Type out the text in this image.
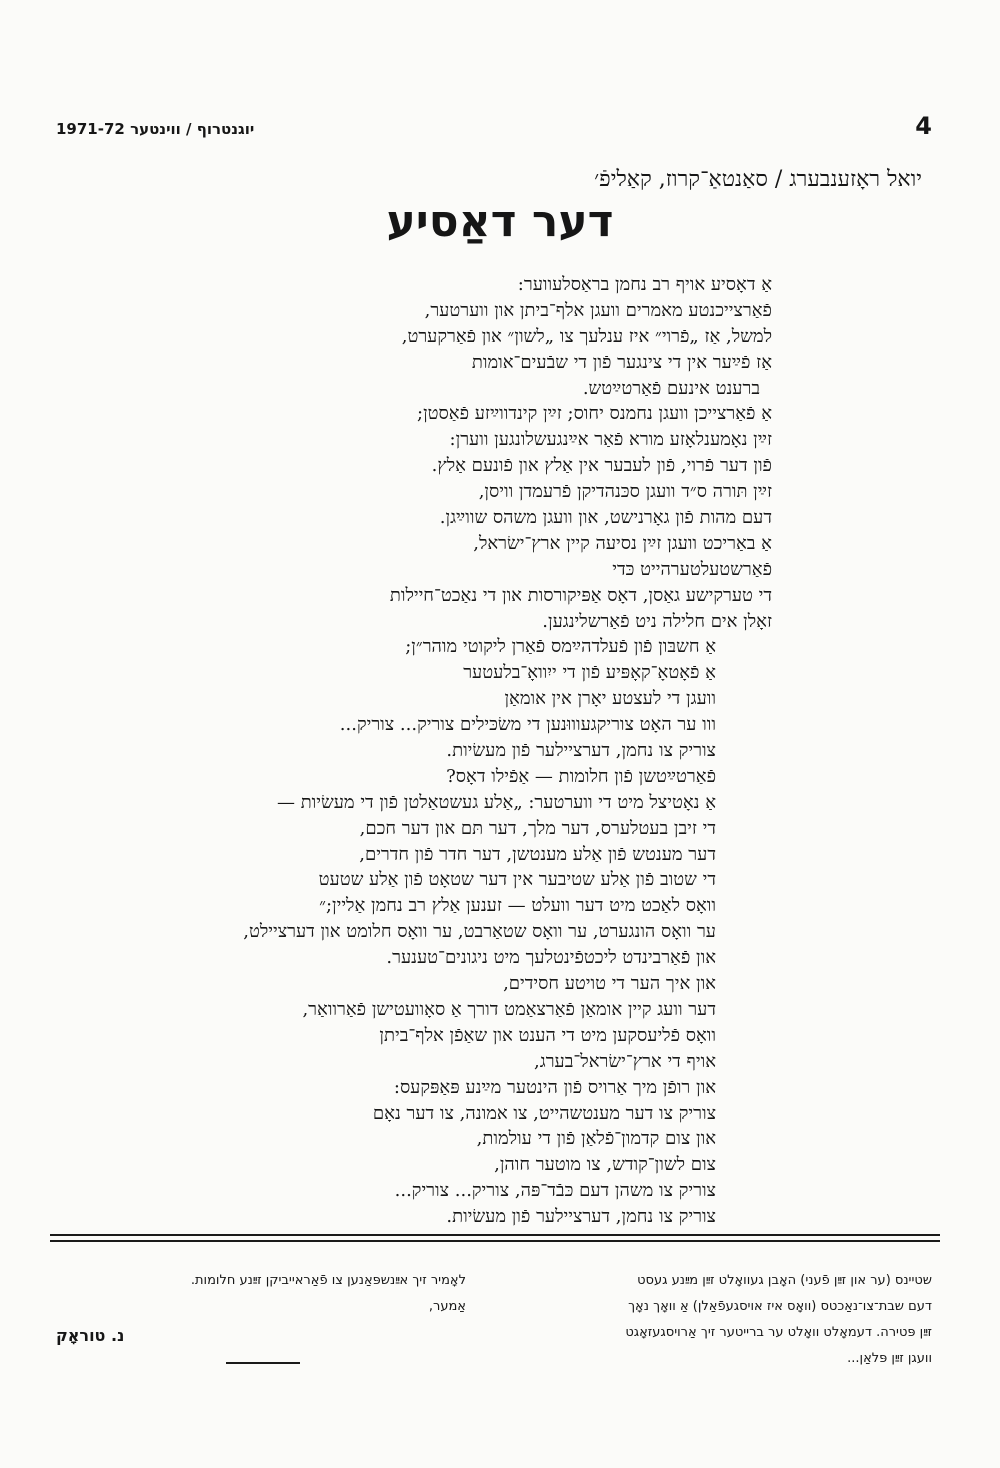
4
יוגנטרוף / ווינטער 1971-72
יואל ראָזענבערג / סאַנטאַ־קרוז, קאַליפֿ׳
דער דאַסיע
אַ דאָסיע אויף רב נחמן בראַסלעווער:
פֿאַרצייכנטע מאמרים וועגן אלף־ביתן און ווערטער,
למשל, אַז „פֿרוי״ איז ענלעך צו „לשון״ און פֿאַרקערט,
אַז פֿײַער אין די צינגער פֿון די שבֿעים־אומות
ברענט אינעם פֿאַרטײַטש.
אַ פֿאַרצייכן וועגן נחמנס יחוס; זײַן קינדווײַזע פֿאַסטן;
זײַן נאָמענלאָזע מורא פֿאַר אײַנגעשלונגען ווערן:
פֿון דער פֿרוי, פֿון לעבער אין אַלץ און פֿונעם אַלץ.
זײַן תּורה ס״ד וועגן סכּנהדיקן פֿרעמדן וויסן,
דעם מהות פֿון גאָרנישט, און וועגן משהס שווײַגן.
אַ באַריכט וועגן זײַן נסיעה קיין ארץ־ישׂראל,
פֿאַרשטעלטערהייט כּדי
די טערקישע גאַסן, דאָס אַפּיקורסות און די נאַכט־חיילות
זאָלן אים חלילה ניט פֿאַרשלינגען.
אַ חשבּון פֿון פֿעלדהײַמס פֿאַרן ליקוטי מוהר״ן;
אַ פֿאָטאָ־קאָפּיע פֿון די ייִוואָ־בלעטער
וועגן די לעצטע יאָרן אין אומאַן
ווו ער האָט צוריקגעוווּנען די משׂכּילים צוריק... צוריק...
צוריק צו נחמן, דערציילער פֿון מעשׂיות.
פֿאַרטײַטשן פֿון חלומות — אַפֿילו דאָס?
אַ נאָטיצל מיט די ווערטער: „אַלע געשטאַלטן פֿון די מעשׂיות —
די זיבן בעטלערס, דער מלך, דער תּם און דער חכם,
דער מענטש פֿון אַלע מענטשן, דער חדר פֿון חדרים,
די שטוב פֿון אַלע שטיבער אין דער שטאָט פֿון אַלע שטעט
וואָס לאַכט מיט דער וועלט — זענען אַלץ רב נחמן אַליין;״
ער וואָס הונגערט, ער וואָס שטאַרבט, ער וואָס חלומט און דערציילט,
און פֿאַרבינדט ליכטפֿינטלעך מיט ניגונים־טענער.
און איך הער די טויטע חסידים,
דער וועג קיין אומאַן פֿאַרצאַמט דורך אַ סאָוועטישן פֿאַרוואַר,
וואָס פֿליעסקען מיט די הענט און שאַפֿן אלף־ביתן
אויף די ארץ־ישׂראל־בערג,
און רופֿן מיך אַרויס פֿון הינטער מײַנע פּאַפּקעס:
צוריק צו דער מענטשהייט, צו אמונה, צו דער נאָם
און צום קדמון־פֿלאַן פֿון די עולמות,
צום לשון־קודש, צו מוטער חוהן,
צוריק צו משהן דעם כּבֿד־פּה, צוריק... צוריק...
צוריק צו נחמן, דערציילער פֿון מעשׂיות.
שטיינס (ער און זײַן פֿעני) האָבן געוואָלט זײַן מײַנע געסט
דעם שבת־צו־נאַכטס (וואָס איז אויסגעפֿאַלן) אַ וואָך נאָך
זײַן פּטירה. דעמאָלט וואָלט ער ברייטער זיך אַרויסגעזאָגט
וועגן זײַן פּלאַן...
לאָמיר זיך אײַנשפּאַנען צו פֿאַראייביקן זײַנע חלומות.
אַמער,
נ. טוראָק
